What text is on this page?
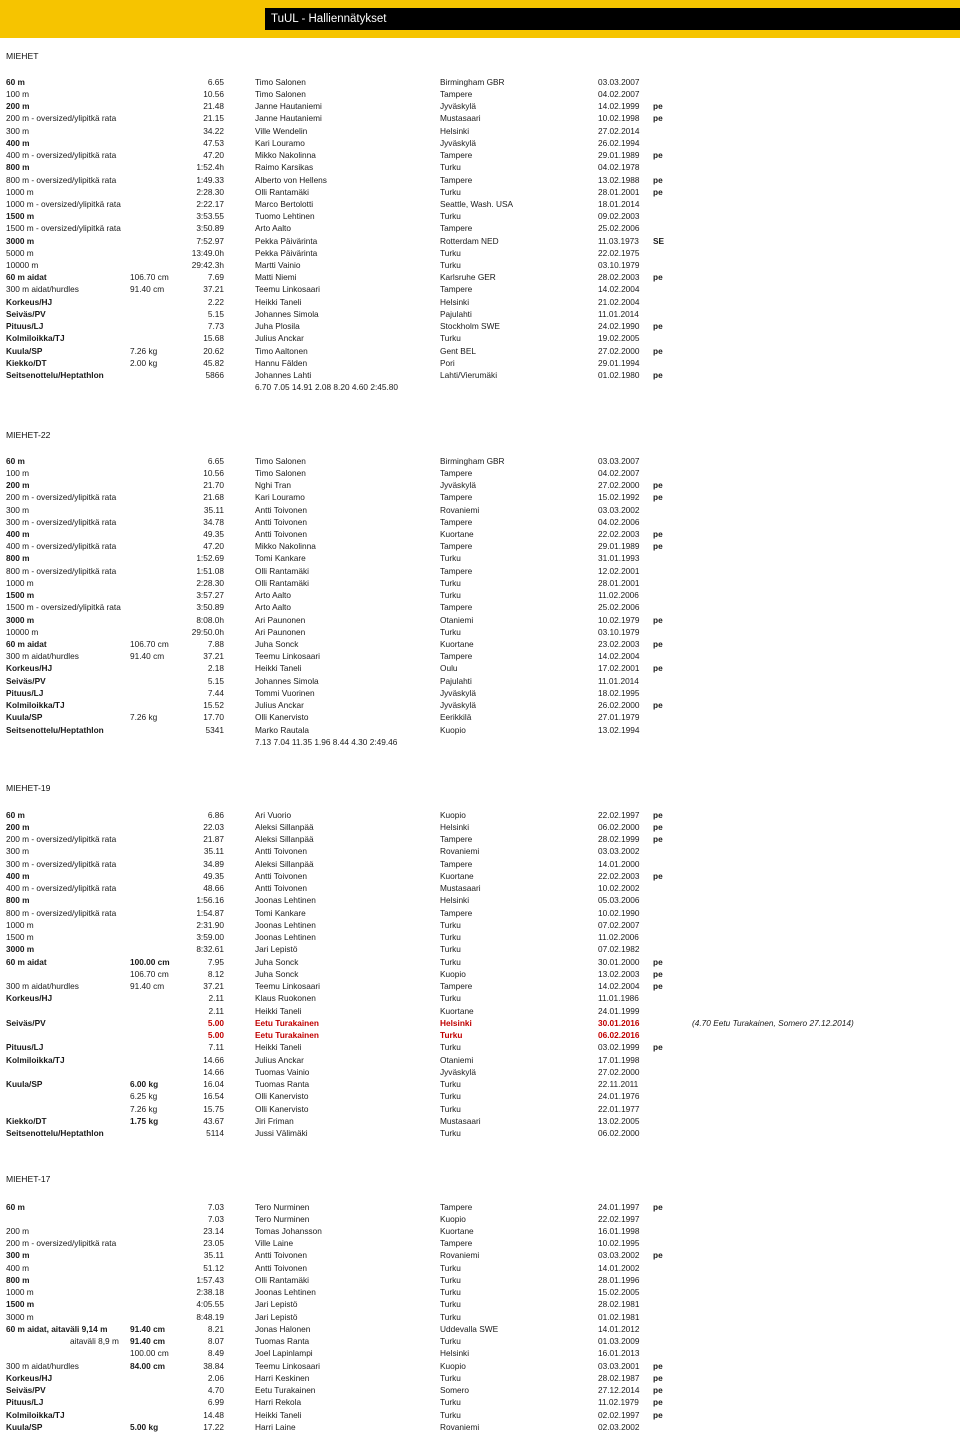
TuUL - Halliennätykset
MIEHET
60 m	6.65	Timo Salonen	Birmingham GBR	03.03.2007
100 m	10.56	Timo Salonen	Tampere	04.02.2007
200 m	21.48	Janne Hautaniemi	Jyväskylä	14.02.1999 pe
200 m - oversized/ylipitkä rata	21.15	Janne Hautaniemi	Mustasaari	10.02.1998 pe
300 m	34.22	Ville Wendelin	Helsinki	27.02.2014
400 m	47.53	Kari Louramo	Jyväskylä	26.02.1994
400 m - oversized/ylipitkä rata	47.20	Mikko Nakolinna	Tampere	29.01.1989 pe
800 m	1:52.4h	Raimo Karsikas	Turku	04.02.1978
800 m - oversized/ylipitkä rata	1:49.33	Alberto von Hellens	Tampere	13.02.1988 pe
1000 m	2:28.30	Olli Rantamäki	Turku	28.01.2001 pe
1000 m - oversized/ylipitkä rata	2:22.17	Marco Bertolotti	Seattle, Wash. USA	18.01.2014
1500 m	3:53.55	Tuomo Lehtinen	Turku	09.02.2003
1500 m - oversized/ylipitkä rata	3:50.89	Arto Aalto	Tampere	25.02.2006
3000 m	7:52.97	Pekka Päivärinta	Rotterdam NED	11.03.1973 SE
5000 m	13:49.0h	Pekka Päivärinta	Turku	22.02.1975
10000 m	29:42.3h	Martti Vainio	Turku	03.10.1979
60 m aidat	106.70 cm	7.69	Matti Niemi	Karlsruhe GER	28.02.2003 pe
300 m aidat/hurdles	91.40 cm	37.21	Teemu Linkosaari	Tampere	14.02.2004
Korkeus/HJ	2.22	Heikki Taneli	Helsinki	21.02.2004
Seiväs/PV	5.15	Johannes Simola	Pajulahti	11.01.2014
Pituus/LJ	7.73	Juha Plosila	Stockholm SWE	24.02.1990 pe
Kolmiloikka/TJ	15.68	Julius Anckar	Turku	19.02.2005
Kuula/SP	7.26 kg	20.62	Timo Aaltonen	Gent BEL	27.02.2000 pe
Kiekko/DT	2.00 kg	45.82	Hannu Fälden	Pori	29.01.1994
Seitsenottelu/Heptathlon	5866	Johannes Lahti	Lahti/Vierumäki	01.02.1980 pe
6.70 7.05 14.91 2.08 8.20 4.60 2:45.80
MIEHET-22
60 m	6.65	Timo Salonen	Birmingham GBR	03.03.2007
100 m	10.56	Timo Salonen	Tampere	04.02.2007
200 m	21.70	Nghi Tran	Jyväskylä	27.02.2000 pe
200 m - oversized/ylipitkä rata	21.68	Kari Louramo	Tampere	15.02.1992 pe
300 m	35.11	Antti Toivonen	Rovaniemi	03.03.2002
300 m - oversized/ylipitkä rata	34.78	Antti Toivonen	Tampere	04.02.2006
400 m	49.35	Antti Toivonen	Kuortane	22.02.2003 pe
400 m - oversized/ylipitkä rata	47.20	Mikko Nakolinna	Tampere	29.01.1989 pe
800 m	1:52.69	Tomi Kankare	Turku	31.01.1993
800 m - oversized/ylipitkä rata	1:51.08	Olli Rantamäki	Tampere	12.02.2001
1000 m	2:28.30	Olli Rantamäki	Turku	28.01.2001
1500 m	3:57.27	Arto Aalto	Turku	11.02.2006
1500 m - oversized/ylipitkä rata	3:50.89	Arto Aalto	Tampere	25.02.2006
3000 m	8:08.0h	Ari Paunonen	Otaniemi	10.02.1979 pe
10000 m	29:50.0h	Ari Paunonen	Turku	03.10.1979
60 m aidat	106.70 cm	7.88	Juha Sonck	Kuortane	23.02.2003 pe
300 m aidat/hurdles	91.40 cm	37.21	Teemu Linkosaari	Tampere	14.02.2004
Korkeus/HJ	2.18	Heikki Taneli	Oulu	17.02.2001 pe
Seiväs/PV	5.15	Johannes Simola	Pajulahti	11.01.2014
Pituus/LJ	7.44	Tommi Vuorinen	Jyväskylä	18.02.1995
Kolmiloikka/TJ	15.52	Julius Anckar	Jyväskylä	26.02.2000 pe
Kuula/SP	7.26 kg	17.70	Olli Kanervisto	Eerikkilä	27.01.1979
Seitsenottelu/Heptathlon	5341	Marko Rautala	Kuopio	13.02.1994
7.13 7.04 11.35 1.96 8.44 4.30 2:49.46
MIEHET-19
60 m	6.86	Ari Vuorio	Kuopio	22.02.1997 pe
200 m	22.03	Aleksi Sillanpää	Helsinki	06.02.2000 pe
200 m - oversized/ylipitkä rata	21.87	Aleksi Sillanpää	Tampere	28.02.1999 pe
300 m	35.11	Antti Toivonen	Rovaniemi	03.03.2002
300 m - oversized/ylipitkä rata	34.89	Aleksi Sillanpää	Tampere	14.01.2000
400 m	49.35	Antti Toivonen	Kuortane	22.02.2003 pe
400 m - oversized/ylipitkä rata	48.66	Antti Toivonen	Mustasaari	10.02.2002
800 m	1:56.16	Joonas Lehtinen	Helsinki	05.03.2006
800 m - oversized/ylipitkä rata	1:54.87	Tomi Kankare	Tampere	10.02.1990
1000 m	2:31.90	Joonas Lehtinen	Turku	07.02.2007
1500 m	3:59.00	Joonas Lehtinen	Turku	11.02.2006
3000 m	8:32.61	Jari Lepistö	Turku	07.02.1982
60 m aidat	100.00 cm	7.95	Juha Sonck	Turku	30.01.2000 pe
106.70 cm	8.12	Juha Sonck	Kuopio	13.02.2003 pe
300 m aidat/hurdles	91.40 cm	37.21	Teemu Linkosaari	Tampere	14.02.2004 pe
Korkeus/HJ	2.11	Klaus Ruokonen	Turku	11.01.1986
2.11	Heikki Taneli	Kuortane	24.01.1999
Seiväs/PV	5.00	Eetu Turakainen	Helsinki	30.01.2016	(4.70 Eetu Turakainen, Somero 27.12.2014)
5.00	Eetu Turakainen	Turku	06.02.2016
Pituus/LJ	7.11	Heikki Taneli	Turku	03.02.1999 pe
Kolmiloikka/TJ	14.66	Julius Anckar	Otaniemi	17.01.1998
14.66	Tuomas Vainio	Jyväskylä	27.02.2000
Kuula/SP	6.00 kg	16.04	Tuomas Ranta	Turku	22.11.2011
6.25 kg	16.54	Olli Kanervisto	Turku	24.01.1976
7.26 kg	15.75	Olli Kanervisto	Turku	22.01.1977
Kiekko/DT	1.75 kg	43.67	Jiri Friman	Mustasaari	13.02.2005
Seitsenottelu/Heptathlon	5114	Jussi Välimäki	Turku	06.02.2000
MIEHET-17
60 m	7.03	Tero Nurminen	Tampere	24.01.1997 pe
7.03	Tero Nurminen	Kuopio	22.02.1997
200 m	23.14	Tomas Johansson	Kuortane	16.01.1998
200 m - oversized/ylipitkä rata	23.05	Ville Laine	Tampere	10.02.1995
300 m	35.11	Antti Toivonen	Rovaniemi	03.03.2002 pe
400 m	51.12	Antti Toivonen	Turku	14.01.2002
800 m	1:57.43	Olli Rantamäki	Turku	28.01.1996
1000 m	2:38.18	Joonas Lehtinen	Turku	15.02.2005
1500 m	4:05.55	Jari Lepistö	Turku	28.02.1981
3000 m	8:48.19	Jari Lepistö	Turku	01.02.1981
60 m aidat, aitaväli 9,14 m	91.40 cm	8.21	Jonas Halonen	Uddevalla SWE	14.01.2012
aitaväli 8,9 m 91.40 cm	8.07	Tuomas Ranta	Turku	01.03.2009
100.00 cm	8.49	Joel Lapinlampi	Helsinki	16.01.2013
300 m aidat/hurdles	84.00 cm	38.84	Teemu Linkosaari	Kuopio	03.03.2001 pe
Korkeus/HJ	2.06	Harri Keskinen	Turku	28.02.1987 pe
Seiväs/PV	4.70	Eetu Turakainen	Somero	27.12.2014 pe
Pituus/LJ	6.99	Harri Rekola	Turku	11.02.1979 pe
Kolmiloikka/TJ	14.48	Heikki Taneli	Turku	02.02.1997 pe
Kuula/SP	5.00 kg	17.22	Harri Laine	Rovaniemi	02.03.2002
